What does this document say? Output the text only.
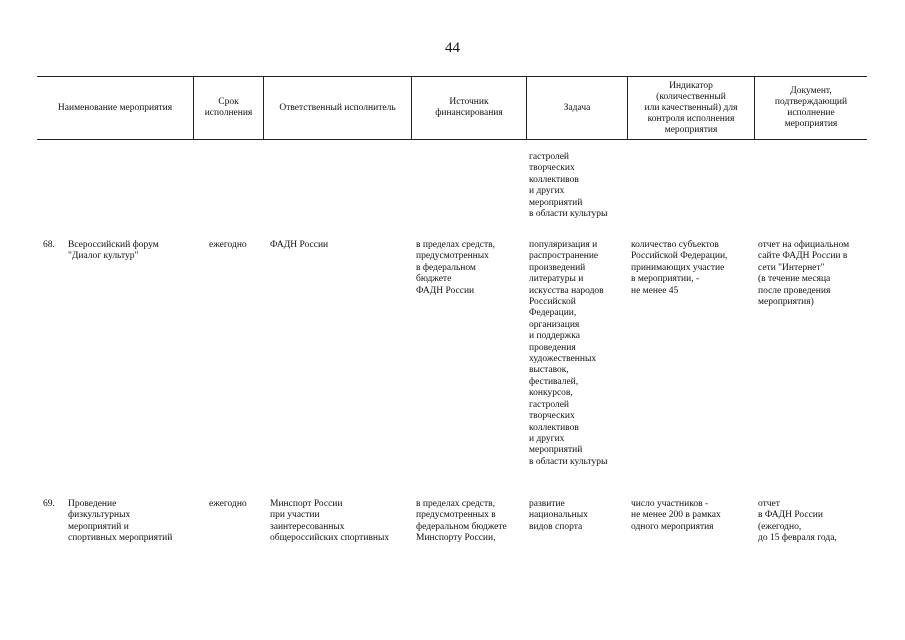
44
Наименование мероприятия
Срок
исполнения
Ответственный исполнитель
Источник
финансирования
Задача
Индикатор
(количественный
или качественный) для
контроля исполнения
мероприятия
Документ,
подтверждающий
исполнение
мероприятия
гастролей
творческих
коллективов
и других
мероприятий
в области культуры
68. Всероссийский форум
"Диалог культур"
ежегодно ФАДН России	в пределах средств,
предусмотренных
в федеральном
бюджете
ФАДН России
популяризация и
распространение
произведений
литературы и
искусства народов
Российской
Федерации,
организация
и поддержка
проведения
художественных
выставок,
фестивалей,
конкурсов,
гастролей
творческих
коллективов
и других
мероприятий
в области культуры
количество субъектов
Российской Федерации,
принимающих участие
в мероприятии, -
не менее 45
отчет на официальном
сайте ФАДН России в
сети "Интернет"
(в течение месяца
после проведения
мероприятия)
69. Проведение
физкультурных
мероприятий и
спортивных мероприятий
ежегодно Минспорт России
при участии
заинтересованных
общероссийских спортивных
в пределах средств,
предусмотренных в
федеральном бюджете
Минспорту России,
развитие
национальных
видов спорта
число участников -
не менее 200 в рамках
одного мероприятия
отчет
в ФАДН России
(ежегодно,
до 15 февраля года,
